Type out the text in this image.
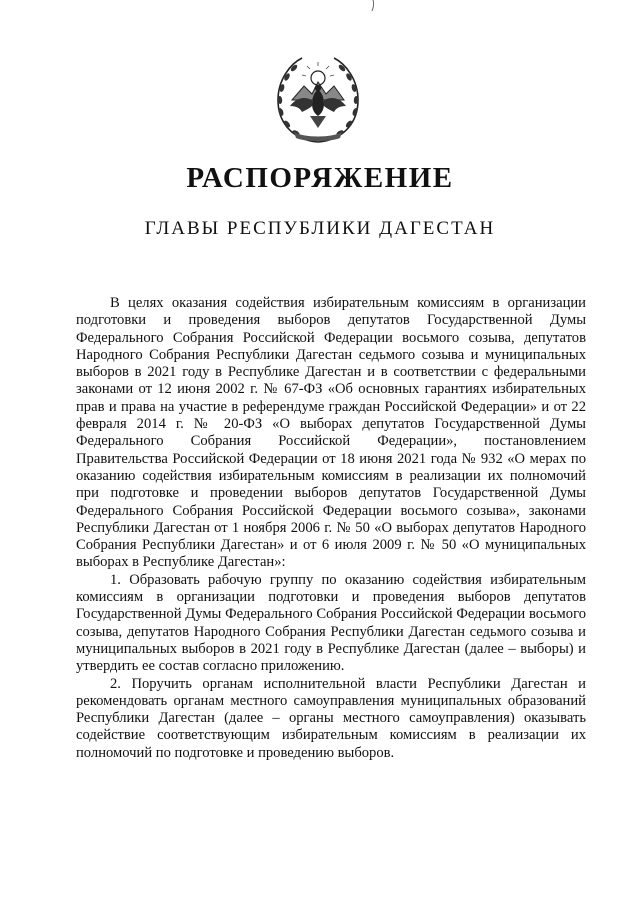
РАСПОРЯЖЕНИЕ
ГЛАВЫ РЕСПУБЛИКИ ДАГЕСТАН

В целях оказания содействия избирательным комиссиям в организации подготовки и проведения выборов депутатов Государственной Думы Федерального Собрания Российской Федерации восьмого созыва, депутатов Народного Собрания Республики Дагестан седьмого созыва и муниципальных выборов в 2021 году в Республике Дагестан и в соответствии с федеральными законами от 12 июня 2002 г. № 67-ФЗ «Об основных гарантиях избирательных прав и права на участие в референдуме граждан Российской Федерации» и от 22 февраля 2014 г. № 20-ФЗ «О выборах депутатов Государственной Думы Федерального Собрания Российской Федерации», постановлением Правительства Российской Федерации от 18 июня 2021 года № 932 «О мерах по оказанию содействия избирательным комиссиям в реализации их полномочий при подготовке и проведении выборов депутатов Государственной Думы Федерального Собрания Российской Федерации восьмого созыва», законами Республики Дагестан от 1 ноября 2006 г. № 50 «О выборах депутатов Народного Собрания Республики Дагестан» и от 6 июля 2009 г. № 50 «О муниципальных выборах в Республике Дагестан»:

1. Образовать рабочую группу по оказанию содействия избирательным комиссиям в организации подготовки и проведения выборов депутатов Государственной Думы Федерального Собрания Российской Федерации восьмого созыва, депутатов Народного Собрания Республики Дагестан седьмого созыва и муниципальных выборов в 2021 году в Республике Дагестан (далее – выборы) и утвердить ее состав согласно приложению.

2. Поручить органам исполнительной власти Республики Дагестан и рекомендовать органам местного самоуправления муниципальных образований Республики Дагестан (далее – органы местного самоуправления) оказывать содействие соответствующим избирательным комиссиям в реализации их полномочий по подготовке и проведению выборов.
